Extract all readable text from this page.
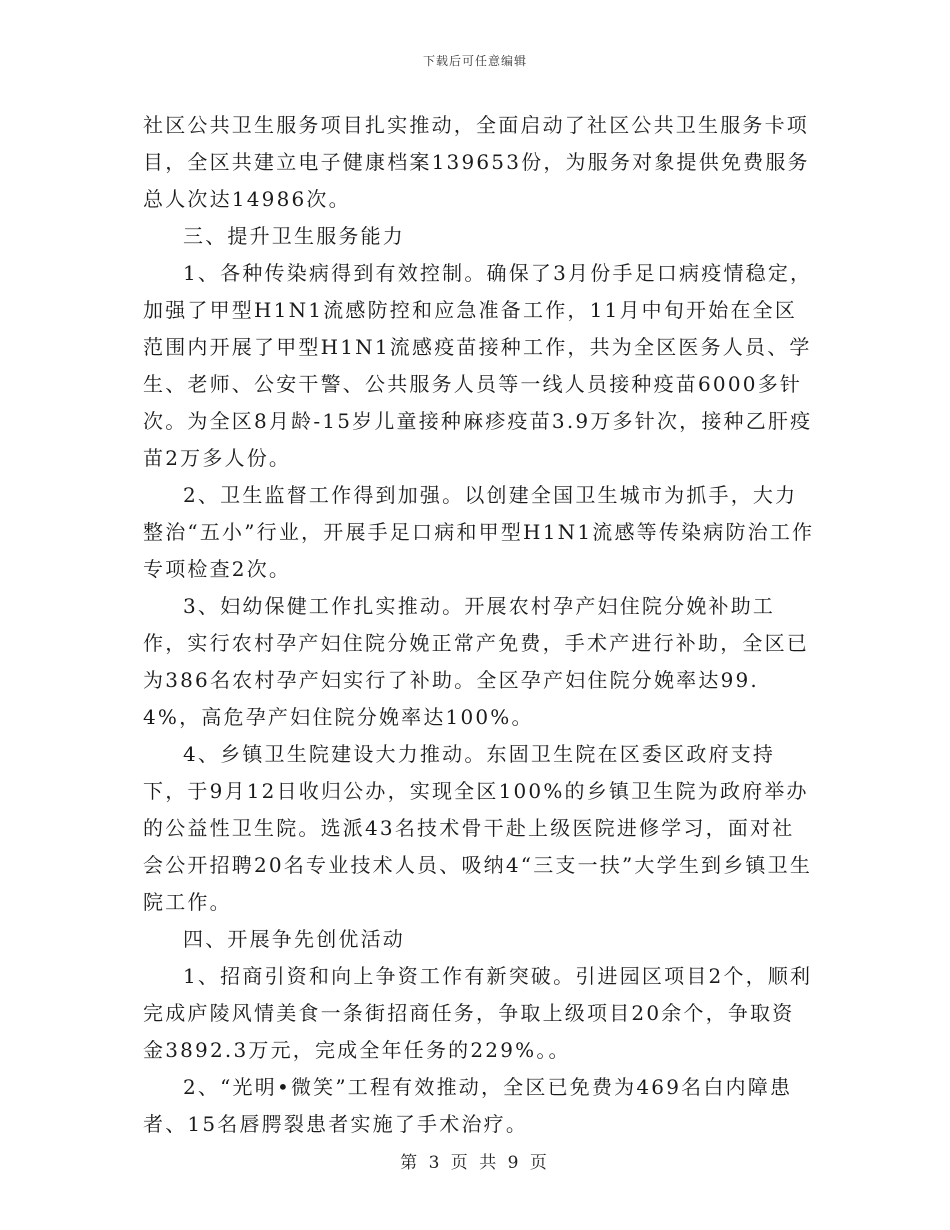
下载后可任意编辑

社区公共卫生服务项目扎实推动，全面启动了社区公共卫生服务卡项目，全区共建立电子健康档案139653份，为服务对象提供免费服务总人次达14986次。

三、提升卫生服务能力

1、各种传染病得到有效控制。确保了3月份手足口病疫情稳定，加强了甲型H1N1流感防控和应急准备工作，11月中旬开始在全区范围内开展了甲型H1N1流感疫苗接种工作，共为全区医务人员、学生、老师、公安干警、公共服务人员等一线人员接种疫苗6000多针次。为全区8月龄-15岁儿童接种麻疹疫苗3.9万多针次，接种乙肝疫苗2万多人份。

2、卫生监督工作得到加强。以创建全国卫生城市为抓手，大力整治“五小”行业，开展手足口病和甲型H1N1流感等传染病防治工作专项检查2次。

3、妇幼保健工作扎实推动。开展农村孕产妇住院分娩补助工作，实行农村孕产妇住院分娩正常产免费，手术产进行补助，全区已为386名农村孕产妇实行了补助。全区孕产妇住院分娩率达99.4%，高危孕产妇住院分娩率达100%。

4、乡镇卫生院建设大力推动。东固卫生院在区委区政府支持下，于9月12日收归公办，实现全区100%的乡镇卫生院为政府举办的公益性卫生院。选派43名技术骨干赴上级医院进修学习，面对社会公开招聘20名专业技术人员、吸纳4“三支一扶”大学生到乡镇卫生院工作。

四、开展争先创优活动

1、招商引资和向上争资工作有新突破。引进园区项目2个，顺利完成庐陵风情美食一条街招商任务，争取上级项目20余个，争取资金3892.3万元，完成全年任务的229%。。

2、“光明•微笑”工程有效推动，全区已免费为469名白内障患者、15名唇腭裂患者实施了手术治疗。

第 3 页 共 9 页
